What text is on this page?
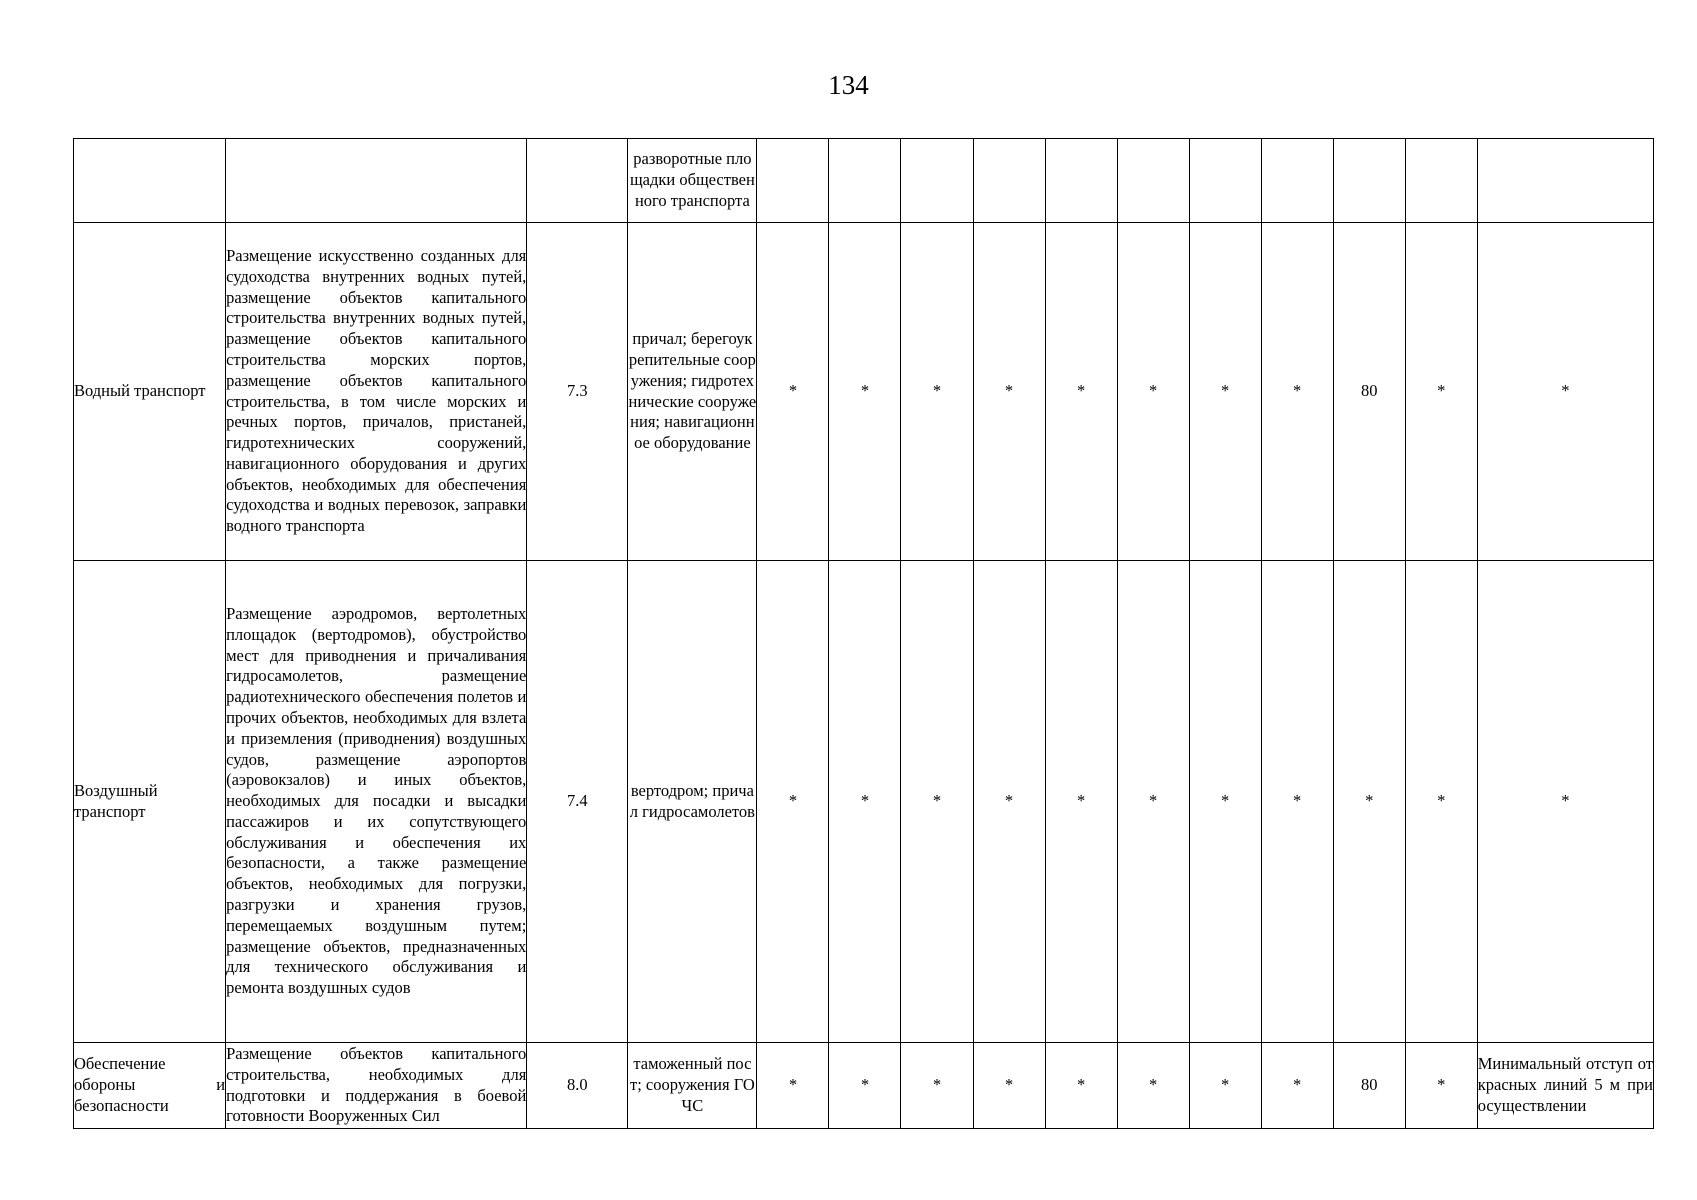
134
			разворотные площадки общественного транспорта											
Водный транспорт	Размещение искусственно созданных для судоходства внутренних водных путей, размещение объектов капитального строительства внутренних водных путей, размещение объектов капитального строительства морских портов, размещение объектов капитального строительства, в том числе морских и речных портов, причалов, пристаней, гидротехнических сооружений, навигационного оборудования и других объектов, необходимых для обеспечения судоходства и водных перевозок, заправки водного транспорта	7.3	причал; берегоукрепительные сооружения; гидротехнические сооружения; навигационное оборудование	*	*	*	*	*	*	*	*	80	*	*
Воздушный транспорт	Размещение аэродромов, вертолетных площадок (вертодромов), обустройство мест для приводнения и причаливания гидросамолетов, размещение радиотехнического обеспечения полетов и прочих объектов, необходимых для взлета и приземления (приводнения) воздушных судов, размещение аэропортов (аэровокзалов) и иных объектов, необходимых для посадки и высадки пассажиров и их сопутствующего обслуживания и обеспечения их безопасности, а также размещение объектов, необходимых для погрузки, разгрузки и хранения грузов, перемещаемых воздушным путем; размещение объектов, предназначенных для технического обслуживания и ремонта воздушных судов	7.4	вертодром; причал гидросамолетов	*	*	*	*	*	*	*	*	*	*	*
Обеспечение обороны и безопасности	Размещение объектов капитального строительства, необходимых для подготовки и поддержания в боевой готовности Вооруженных Сил	8.0	таможенный пост; сооружения ГО ЧС	*	*	*	*	*	*	*	*	80	*	Минимальный отступ от красных линий 5 м при осуществлении
